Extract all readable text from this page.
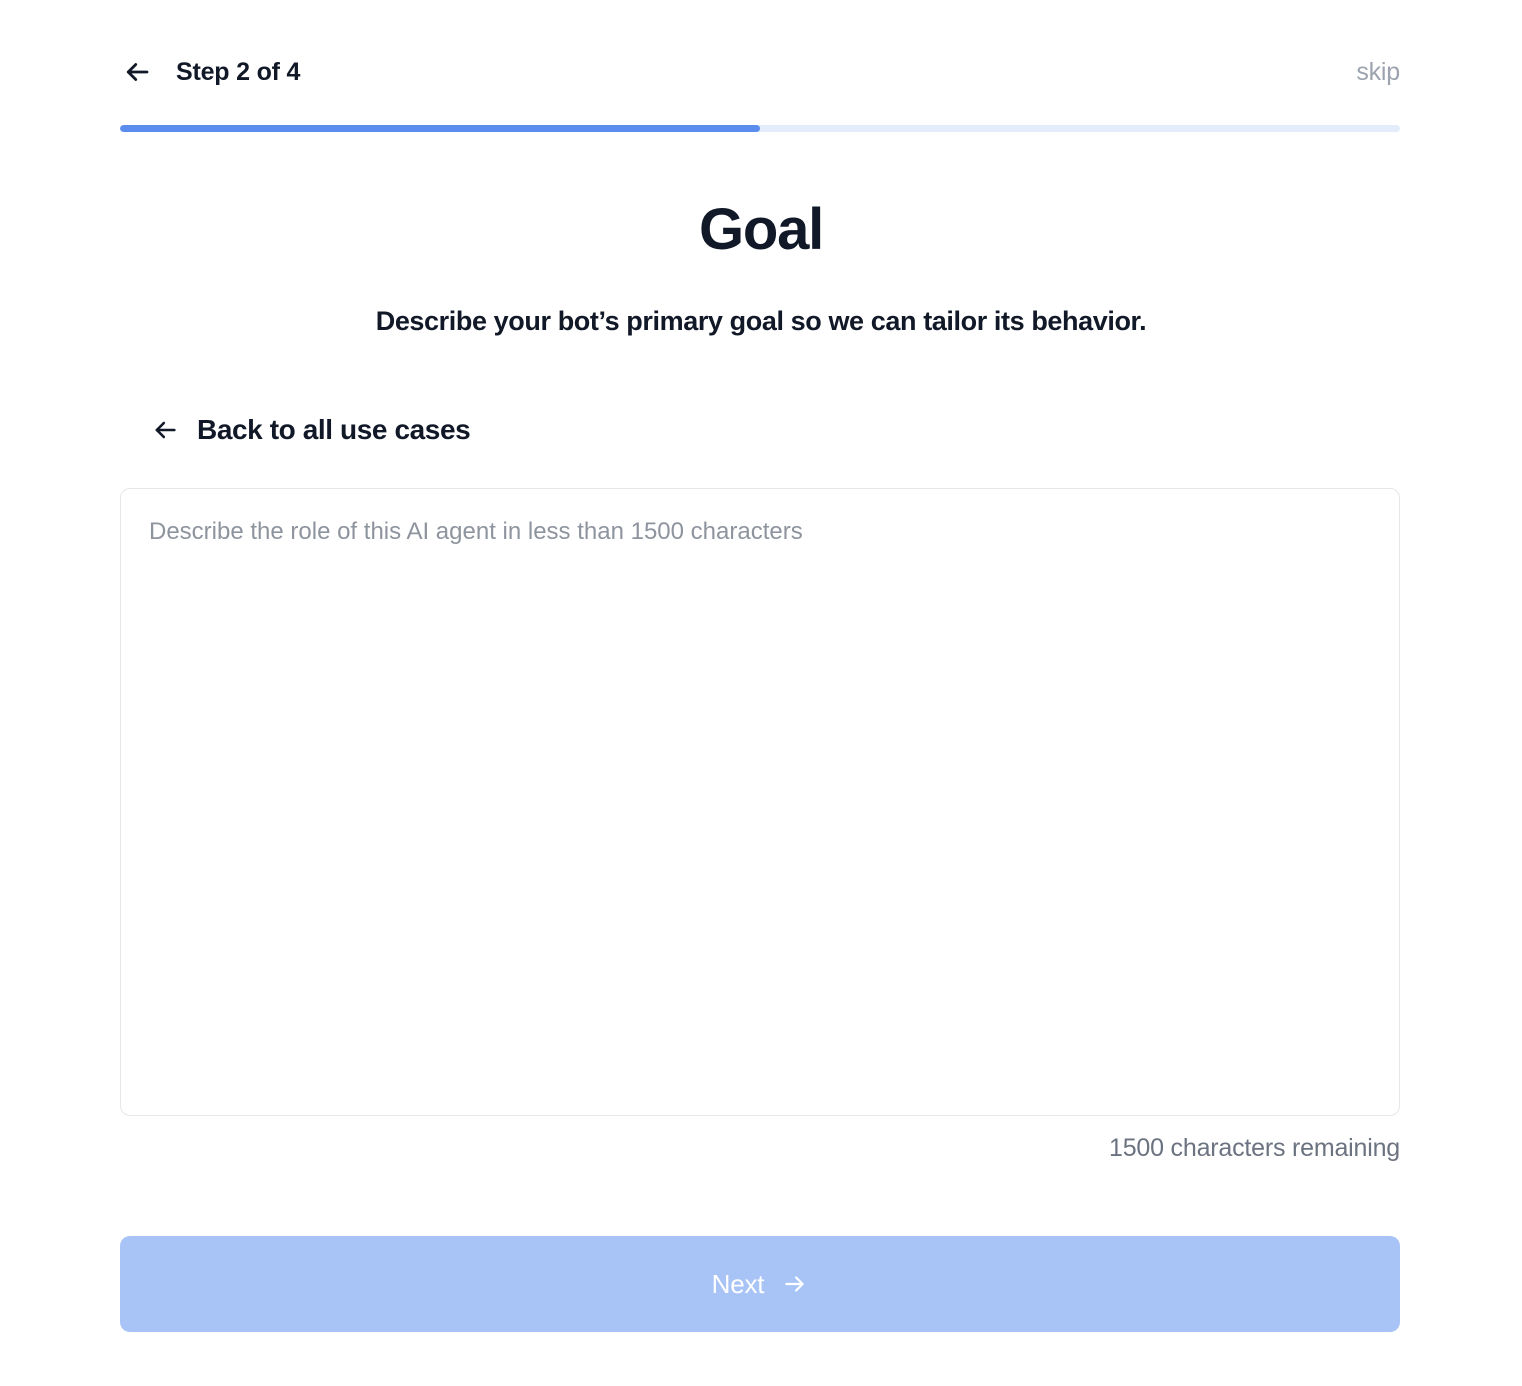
Step 2 of 4	skip
Goal
Describe your bot’s primary goal so we can tailor its behavior.
Back to all use cases
Describe the role of this AI agent in less than 1500 characters
1500 characters remaining
Next
